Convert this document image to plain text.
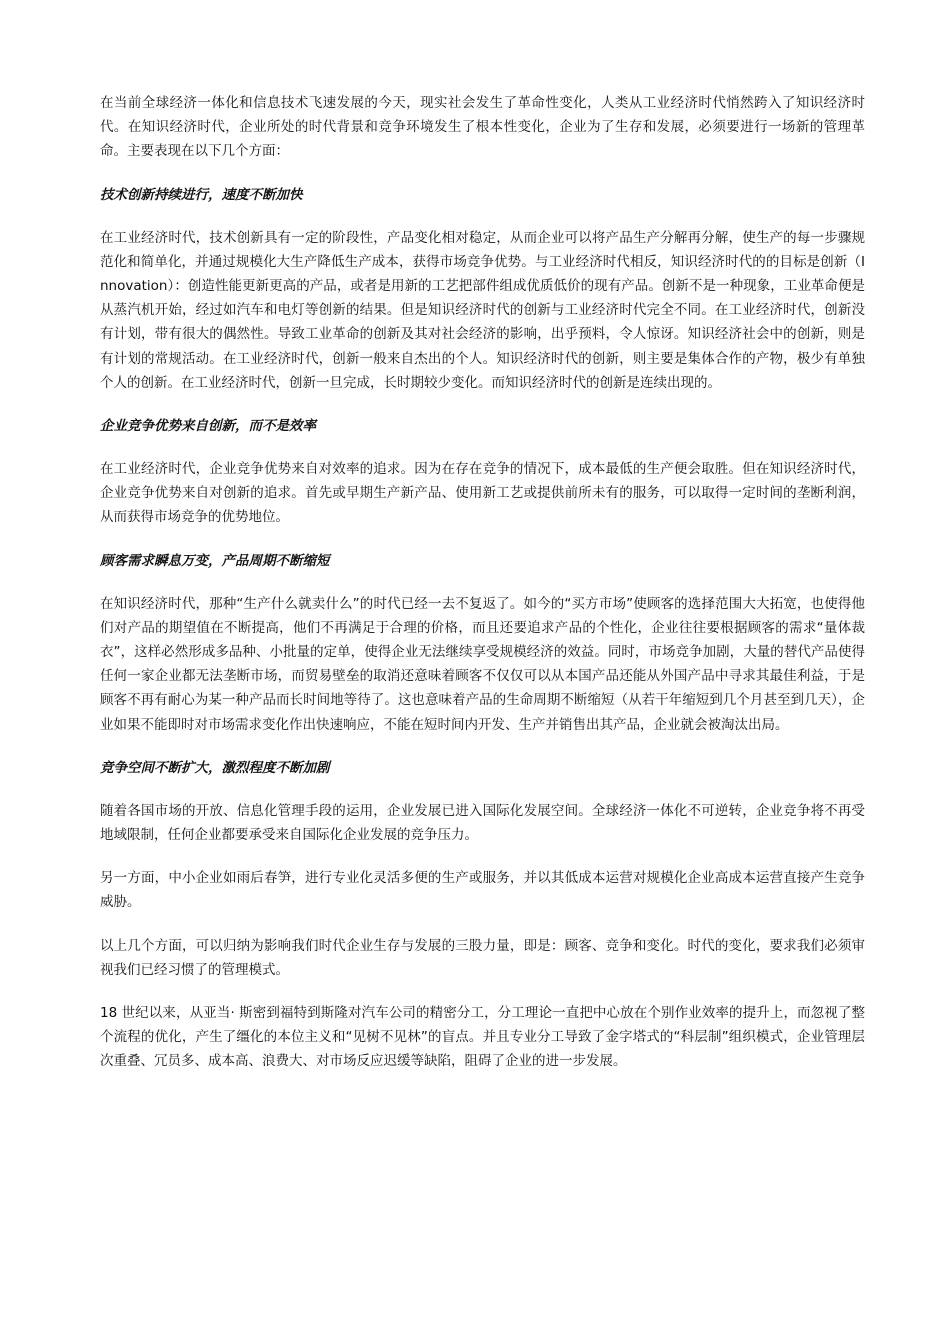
在当前全球经济一体化和信息技术飞速发展的今天，现实社会发生了革命性变化，人类从工业经济时代悄然跨入了知识经济时代。在知识经济时代，企业所处的时代背景和竞争环境发生了根本性变化，企业为了生存和发展，必须要进行一场新的管理革命。主要表现在以下几个方面：

技术创新持续进行，速度不断加快

在工业经济时代，技术创新具有一定的阶段性，产品变化相对稳定，从而企业可以将产品生产分解再分解，使生产的每一步骤规范化和简单化，并通过规模化大生产降低生产成本，获得市场竞争优势。与工业经济时代相反，知识经济时代的的目标是创新（Innovation）：创造性能更新更高的产品，或者是用新的工艺把部件组成优质低价的现有产品。创新不是一种现象，工业革命便是从蒸汽机开始，经过如汽车和电灯等创新的结果。但是知识经济时代的创新与工业经济时代完全不同。在工业经济时代，创新没有计划，带有很大的偶然性。导致工业革命的创新及其对社会经济的影响，出乎预料，令人惊讶。知识经济社会中的创新，则是有计划的常规活动。在工业经济时代，创新一般来自杰出的个人。知识经济时代的创新，则主要是集体合作的产物，极少有单独个人的创新。在工业经济时代，创新一旦完成，长时期较少变化。而知识经济时代的创新是连续出现的。

企业竞争优势来自创新，而不是效率

在工业经济时代，企业竞争优势来自对效率的追求。因为在存在竞争的情况下，成本最低的生产便会取胜。但在知识经济时代，企业竞争优势来自对创新的追求。首先或早期生产新产品、使用新工艺或提供前所未有的服务，可以取得一定时间的垄断利润，从而获得市场竞争的优势地位。

顾客需求瞬息万变，产品周期不断缩短

在知识经济时代，那种“生产什么就卖什么”的时代已经一去不复返了。如今的“买方市场”使顾客的选择范围大大拓宽，也使得他们对产品的期望值在不断提高，他们不再满足于合理的价格，而且还要追求产品的个性化，企业往往要根据顾客的需求“量体裁衣”，这样必然形成多品种、小批量的定单，使得企业无法继续享受规模经济的效益。同时，市场竞争加剧，大量的替代产品使得任何一家企业都无法垄断市场，而贸易壁垒的取消还意味着顾客不仅仅可以从本国产品还能从外国产品中寻求其最佳利益，于是顾客不再有耐心为某一种产品而长时间地等待了。这也意味着产品的生命周期不断缩短（从若干年缩短到几个月甚至到几天），企业如果不能即时对市场需求变化作出快速响应，不能在短时间内开发、生产并销售出其产品，企业就会被淘汰出局。

竞争空间不断扩大，激烈程度不断加剧

随着各国市场的开放、信息化管理手段的运用，企业发展已进入国际化发展空间。全球经济一体化不可逆转，企业竞争将不再受地域限制，任何企业都要承受来自国际化企业发展的竞争压力。

另一方面，中小企业如雨后春笋，进行专业化灵活多便的生产或服务，并以其低成本运营对规模化企业高成本运营直接产生竞争威胁。

以上几个方面，可以归纳为影响我们时代企业生存与发展的三股力量，即是：顾客、竞争和变化。时代的变化，要求我们必须审视我们已经习惯了的管理模式。

18 世纪以来，从亚当· 斯密到福特到斯隆对汽车公司的精密分工，分工理论一直把中心放在个别作业效率的提升上，而忽视了整个流程的优化，产生了缰化的本位主义和“见树不见林”的盲点。并且专业分工导致了金字塔式的“科层制”组织模式，企业管理层次重叠、冗员多、成本高、浪费大、对市场反应迟缓等缺陷，阻碍了企业的进一步发展。
